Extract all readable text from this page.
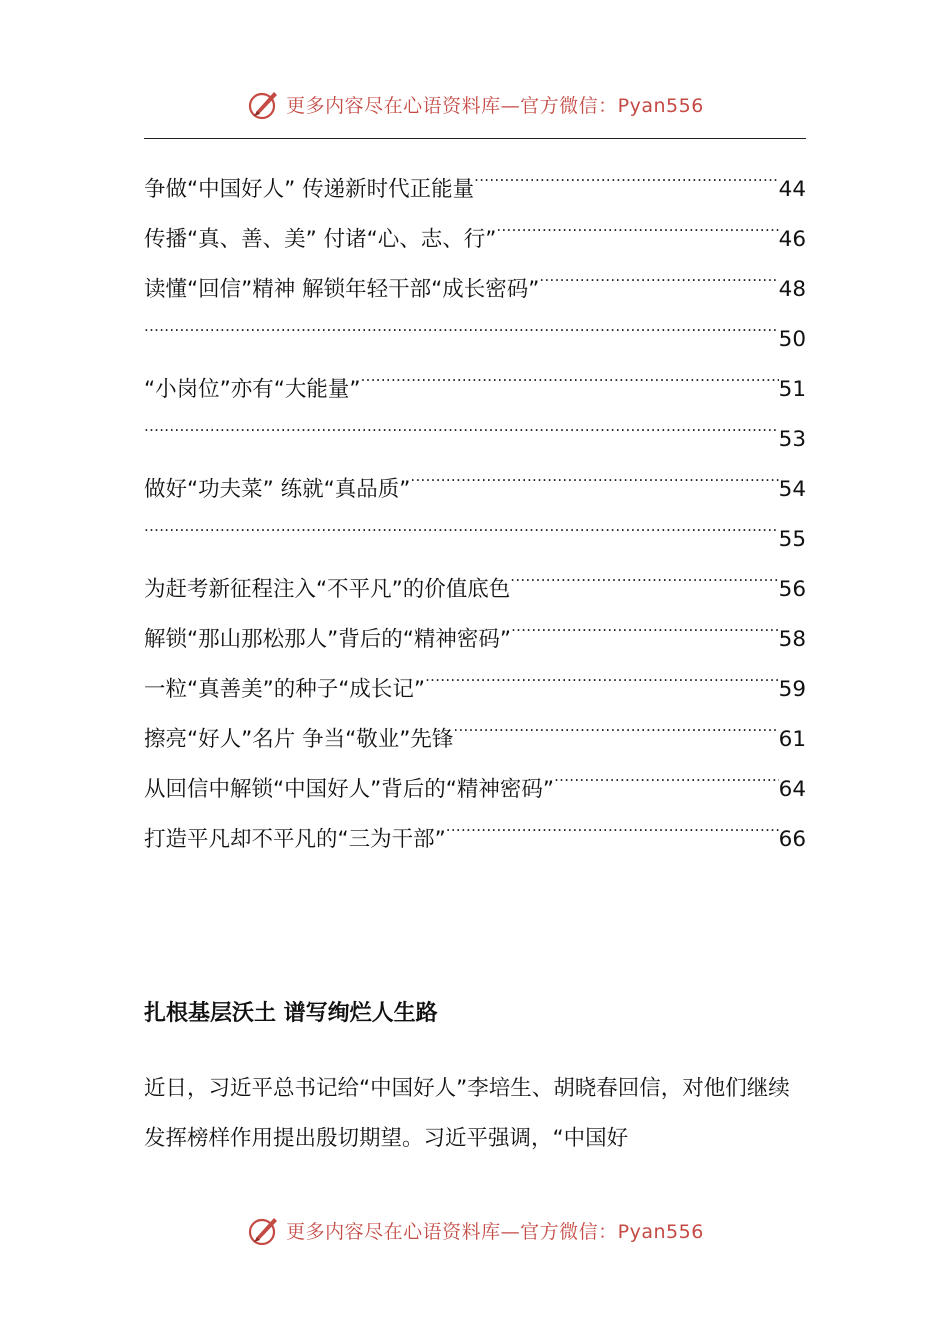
更多内容尽在心语资料库—官方微信：Pyan556
争做“中国好人” 传递新时代正能量 .....	44
传播“真、善、美” 付诸“心、志、行” .....	46
读懂“回信”精神 解锁年轻干部“成长密码” .....	48
.....
50
“小岗位”亦有“大能量” .....	51
.....
53
做好“功夫菜” 练就“真品质” .....	54
.....
55
为赶考新征程注入“不平凡”的价值底色 .....	56
解锁“那山那松那人”背后的“精神密码” .....	58
一粒“真善美”的种子“成长记” .....	59
擦亮“好人”名片 争当“敬业”先锋 .....	61
从回信中解锁“中国好人”背后的“精神密码” .....	64
打造平凡却不平凡的“三为干部” .....	66
扎根基层沃土 谱写绚烂人生路

近日，习近平总书记给“中国好人”李培生、胡晓春回信，对他们继续发挥榜样作用提出殷切期望。习近平强调，“中国好

更多内容尽在心语资料库—官方微信：Pyan556
